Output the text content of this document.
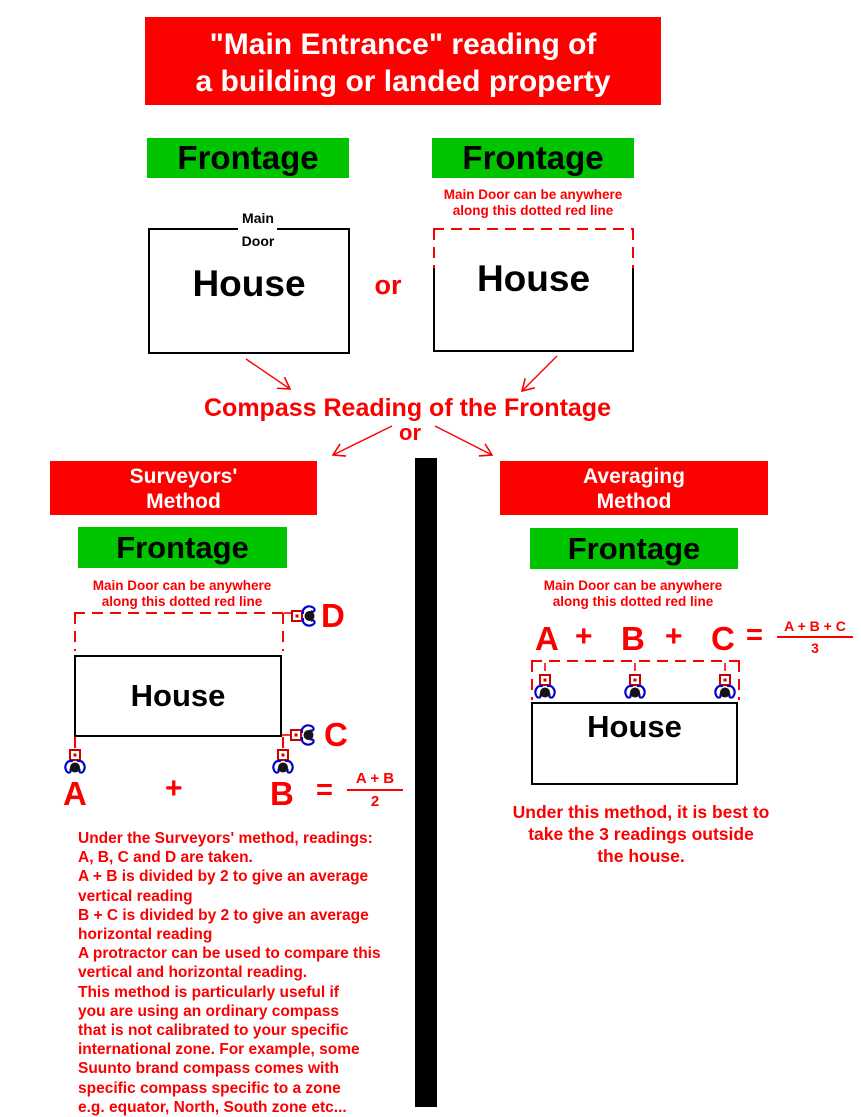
"Main Entrance" reading of
a building or landed property
Frontage	Frontage
Main Door can be anywhere
along this dotted red line
Main
Door
House	or	House
Compass Reading of the Frontage
or
Surveyors'
Method
Frontage
Main Door can be anywhere
along this dotted red line
House
D
C
A	+	$B = \frac{A + B}{2}$
Under the Surveyors' method, readings:
A, B, C and D are taken.
A + B is divided by 2 to give an average
vertical reading
B + C is divided by 2 to give an average
horizontal reading
A protractor can be used to compare this
vertical and horizontal reading.
This method is particularly useful if
you are using an ordinary compass
that is not calibrated to your specific
international zone. For example, some
Suunto brand compass comes with
specific compass specific to a zone
e.g. equator, North, South zone etc...
Averaging
Method
Frontage
Main Door can be anywhere
along this dotted red line
$A + B + C = \frac{A + B + C}{3}$
House
Under this method, it is best to
take the 3 readings outside
the house.
